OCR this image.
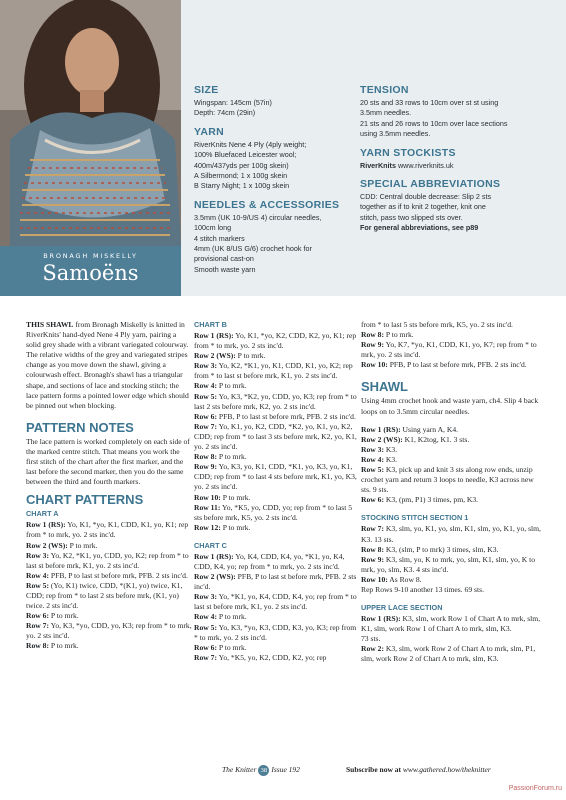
BRONAGH MISKELLY
Samoëns
SIZE

Wingspan: 145cm (57in)
Depth: 74cm (29in)

YARN

RiverKnits Nene 4 Ply (4ply weight;
100% Bluefaced Leicester wool;
400m/437yds per 100g skein)
A Silbermond; 1 x 100g skein
B Starry Night; 1 x 100g skein

NEEDLES & ACCESSORIES

3.5mm (UK 10-9/US 4) circular needles,
100cm long
4 stitch markers
4mm (UK 8/US G/6) crochet hook for
provisional cast-on
Smooth waste yarn

TENSION

20 sts and 33 rows to 10cm over st st using
3.5mm needles.
21 sts and 26 rows to 10cm over lace sections
using 3.5mm needles.

YARN STOCKISTS

RiverKnits www.riverknits.uk

SPECIAL ABBREVIATIONS

CDD: Central double decrease: Slip 2 sts
together as if to knit 2 together, knit one
stitch, pass two slipped sts over.
For general abbreviations, see p89

THIS SHAWL from Bronagh Miskelly is knitted in RiverKnits' hand-dyed Nene 4 Ply yarn, pairing a solid grey shade with a vibrant variegated colourway. The relative widths of the grey and variegated stripes change as you move down the shawl, giving a colourwash effect. Bronagh's shawl has a triangular shape, and sections of lace and stocking stitch; the lace pattern forms a pointed lower edge which should be pinned out when blocking.

PATTERN NOTES

The lace pattern is worked completely on each side of the marked centre stitch. That means you work the first stitch of the chart after the first marker, and the last before the second marker, then you do the same between the third and fourth markers.

CHART PATTERNS
CHART A

Row 1 (RS): Yo, K1, *yo, K1, CDD, K1, yo, K1; rep from * to mrk, yo. 2 sts inc'd.

Row 2 (WS): P to mrk.

Row 3: Yo, K2, *K1, yo, CDD, yo, K2; rep from * to last st before mrk, K1, yo. 2 sts inc'd.

Row 4: PFB, P to last st before mrk, PFB. 2 sts inc'd.

Row 5: (Yo, K1) twice, CDD, *(K1, yo) twice, K1, CDD; rep from * to last 2 sts before mrk, (K1, yo) twice. 2 sts inc'd.

Row 6: P to mrk.

Row 7: Yo, K3, *yo, CDD, yo, K3; rep from * to mrk, yo. 2 sts inc'd.

Row 8: P to mrk.

CHART B

Row 1 (RS): Yo, K1, *yo, K2, CDD, K2, yo, K1; rep from * to mrk, yo. 2 sts inc'd.

Row 2 (WS): P to mrk.

Row 3: Yo, K2, *K1, yo, K1, CDD, K1, yo, K2; rep from * to last st before mrk, K1, yo. 2 sts inc'd.

Row 4: P to mrk.

Row 5: Yo, K3, *K2, yo, CDD, yo, K3; rep from * to last 2 sts before mrk, K2, yo. 2 sts inc'd.

Row 6: PFB, P to last st before mrk, PFB. 2 sts inc'd.

Row 7: Yo, K1, yo, K2, CDD, *K2, yo, K1, yo, K2, CDD; rep from * to last 3 sts before mrk, K2, yo, K1, yo. 2 sts inc'd.

Row 8: P to mrk.

Row 9: Yo, K3, yo, K1, CDD, *K1, yo, K3, yo, K1, CDD; rep from * to last 4 sts before mrk, K1, yo, K3, yo. 2 sts inc'd.

Row 10: P to mrk.

Row 11: Yo, *K5, yo, CDD, yo; rep from * to last 5 sts before mrk, K5, yo. 2 sts inc'd.

Row 12: P to mrk.

CHART C

Row 1 (RS): Yo, K4, CDD, K4, yo, *K1, yo, K4, CDD, K4, yo; rep from * to mrk, yo. 2 sts inc'd.

Row 2 (WS): PFB, P to last st before mrk, PFB. 2 sts inc'd.

Row 3: Yo, *K1, yo, K4, CDD, K4, yo; rep from * to last st before mrk, K1, yo. 2 sts inc'd.

Row 4: P to mrk.

Row 5: Yo, K3, *yo, K3, CDD, K3, yo, K3; rep from * to mrk, yo. 2 sts inc'd.

Row 6: P to mrk.

Row 7: Yo, *K5, yo, K2, CDD, K2, yo; rep

from * to last 5 sts before mrk, K5, yo. 2 sts inc'd.

Row 8: P to mrk.

Row 9: Yo, K7, *yo, K1, CDD, K1, yo, K7; rep from * to mrk, yo. 2 sts inc'd.

Row 10: PFB, P to last st before mrk, PFB. 2 sts inc'd.

SHAWL

Using 4mm crochet hook and waste yarn, ch4. Slip 4 back loops on to 3.5mm circular needles.

Row 1 (RS): Using yarn A, K4.

Row 2 (WS): K1, K2tog, K1. 3 sts.

Row 3: K3.

Row 4: K3.

Row 5: K3, pick up and knit 3 sts along row ends, unzip crochet yarn and return 3 loops to needle, K3 across new sts. 9 sts.

Row 6: K3, (pm, P1) 3 times, pm, K3.

STOCKING STITCH SECTION 1

Row 7: K3, slm, yo, K1, yo, slm, K1, slm, yo, K1, yo, slm, K3. 13 sts.

Row 8: K3, (slm, P to mrk) 3 times, slm, K3.

Row 9: K3, slm, yo, K to mrk, yo, slm, K1, slm, yo, K to mrk, yo, slm, K3. 4 sts inc'd.

Row 10: As Row 8.

Rep Rows 9-10 another 13 times. 69 sts.

UPPER LACE SECTION

Row 1 (RS): K3, slm, work Row 1 of Chart A to mrk, slm, K1, slm, work Row 1 of Chart A to mrk, slm, K3.

73 sts.

Row 2: K3, slm, work Row 2 of Chart A to mrk, slm, P1, slm, work Row 2 of Chart A to mrk, slm, K3.

The Knitter 38 Issue 192	Subscribe now at www.gathered.how/theknitter
PassionForum.ru
